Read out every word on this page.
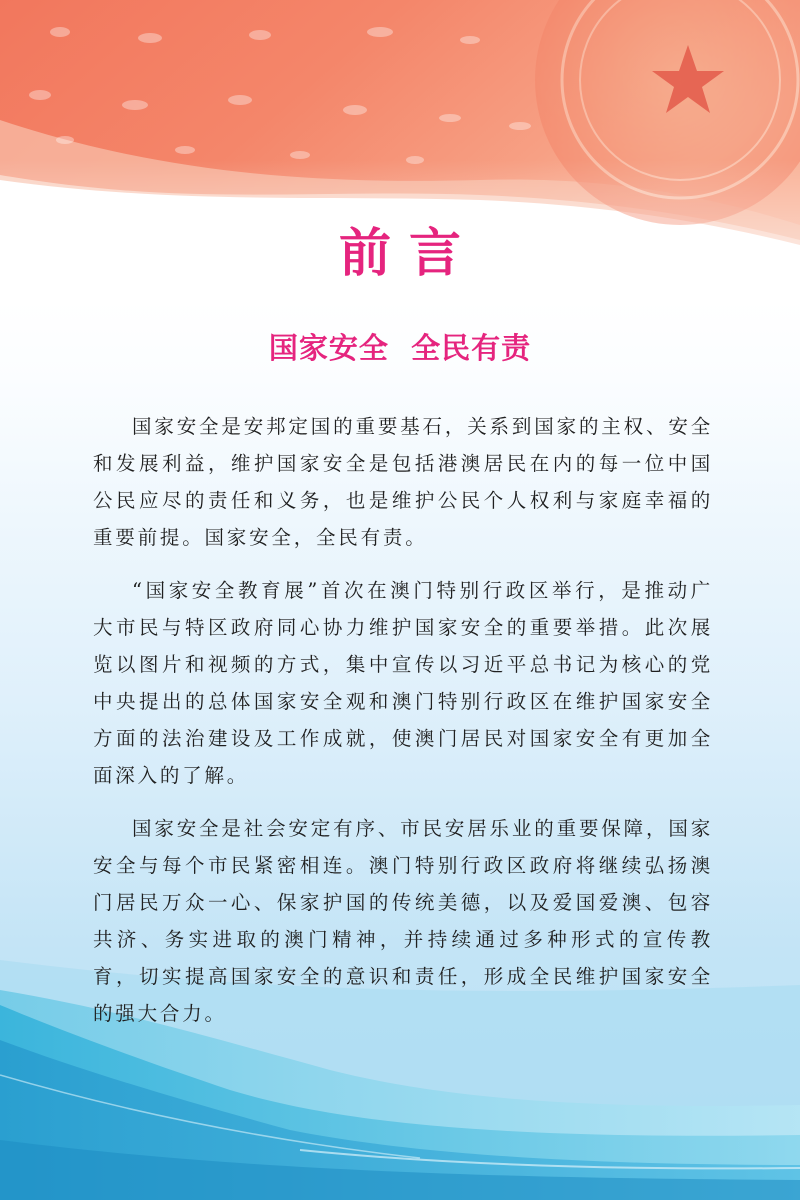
前言
国家安全  全民有责

国家安全是安邦定国的重要基石，关系到国家的主权、安全和发展利益，维护国家安全是包括港澳居民在内的每一位中国公民应尽的责任和义务，也是维护公民个人权利与家庭幸福的重要前提。国家安全，全民有责。

“国家安全教育展”首次在澳门特别行政区举行，是推动广大市民与特区政府同心协力维护国家安全的重要举措。此次展览以图片和视频的方式，集中宣传以习近平总书记为核心的党中央提出的总体国家安全观和澳门特别行政区在维护国家安全方面的法治建设及工作成就，使澳门居民对国家安全有更加全面深入的了解。

国家安全是社会安定有序、市民安居乐业的重要保障，国家安全与每个市民紧密相连。澳门特别行政区政府将继续弘扬澳门居民万众一心、保家护国的传统美德，以及爱国爱澳、包容共济、务实进取的澳门精神，并持续通过多种形式的宣传教育，切实提高国家安全的意识和责任，形成全民维护国家安全的强大合力。
